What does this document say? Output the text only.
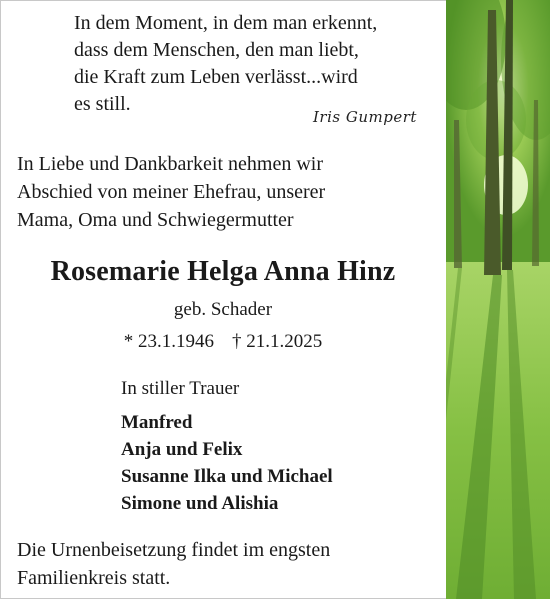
In dem Moment, in dem man erkennt,
dass dem Menschen, den man liebt,
die Kraft zum Leben verlässt...wird
es still.
Iris Gumpert
In Liebe und Dankbarkeit nehmen wir
Abschied von meiner Ehefrau, unserer
Mama, Oma und Schwiegermutter
Rosemarie Helga Anna Hinz
geb. Schader
* 23.1.1946 † 21.1.2025
In stiller Trauer
Manfred
Anja und Felix
Susanne Ilka und Michael
Simone und Alishia
Die Urnenbeisetzung findet im engsten
Familienkreis statt.
